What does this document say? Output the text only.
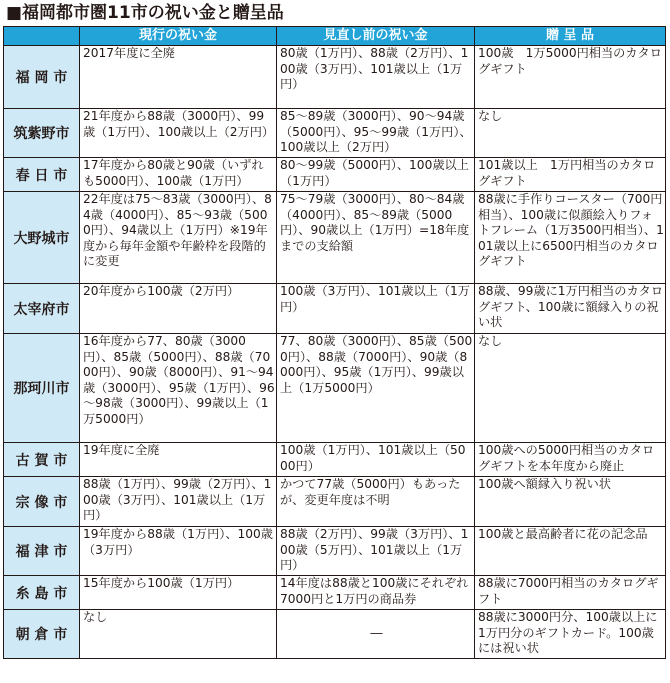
■福岡都市圏11市の祝い金と贈呈品
	現行の祝い金	見直し前の祝い金	贈 呈 品
福 岡 市	2017年度に全廃	80歳（1万円）、88歳（2万円）、100歳（3万円）、101歳以上（1万円）	100歳　1万5000円相当のカタログギフト
筑紫野市	21年度から88歳（3000円）、99歳（1万円）、100歳以上（2万円）	85～89歳（3000円）、90～94歳（5000円）、95～99歳（1万円）、100歳以上（2万円）	なし
春 日 市	17年度から80歳と90歳（いずれも5000円）、100歳（1万円）	80～99歳（5000円）、100歳以上（1万円）	101歳以上　1万円相当のカタログギフト
大野城市	22年度は75～83歳（3000円）、84歳（4000円）、85～93歳（5000円）、94歳以上（1万円）※19年度から毎年金額や年齢枠を段階的に変更	75～79歳（3000円）、80～84歳（4000円）、85～89歳（5000円）、90歳以上（1万円）=18年度までの支給額	88歳に手作りコースター（700円相当）、100歳に似顔絵入りフォトフレーム（1万3500円相当）、101歳以上に6500円相当のカタログギフト
太宰府市	20年度から100歳（2万円）	100歳（3万円）、101歳以上（1万円）	88歳、99歳に1万円相当のカタログギフト、100歳に額縁入りの祝い状
那珂川市	16年度から77、80歳（3000円）、85歳（5000円）、88歳（7000円）、90歳（8000円）、91～94歳（3000円）、95歳（1万円）、96～98歳（3000円）、99歳以上（1万5000円）	77、80歳（3000円）、85歳（5000円）、88歳（7000円）、90歳（8000円）、95歳（1万円）、99歳以上（1万5000円）	なし
古 賀 市	19年度に全廃	100歳（1万円）、101歳以上（5000円）	100歳への5000円相当のカタログギフトを本年度から廃止
宗 像 市	88歳（1万円）、99歳（2万円）、100歳（3万円）、101歳以上（1万円）	かつて77歳（5000円）もあったが、変更年度は不明	100歳へ額縁入り祝い状
福 津 市	19年度から88歳（1万円）、100歳（3万円）	88歳（2万円）、99歳（3万円）、100歳（5万円）、101歳以上（1万円）	100歳と最高齢者に花の記念品
糸 島 市	15年度から100歳（1万円）	14年度は88歳と100歳にそれぞれ7000円と1万円の商品券	88歳に7000円相当のカタログギフト
朝 倉 市	なし	―	88歳に3000円分、100歳以上に1万円分のギフトカード。100歳には祝い状
